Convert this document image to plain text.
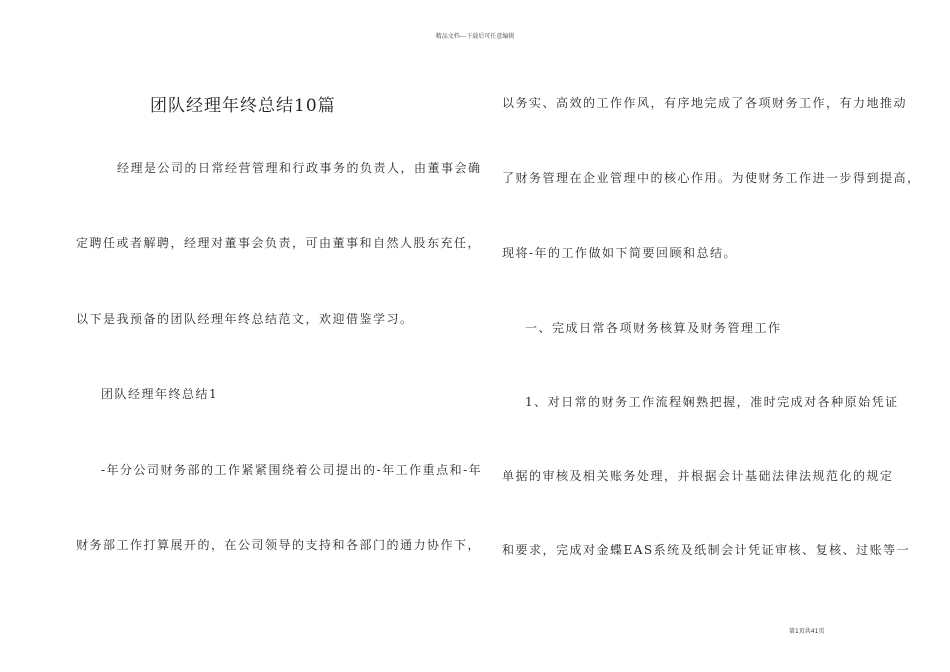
精品文档---下载后可任意编辑
团队经理年终总结10篇
经理是公司的日常经营管理和行政事务的负责人，由董事会确
定聘任或者解聘，经理对董事会负责，可由董事和自然人股东充任，
以下是我预备的团队经理年终总结范文，欢迎借鉴学习。
团队经理年终总结1
-年分公司财务部的工作紧紧围绕着公司提出的-年工作重点和-年
财务部工作打算展开的，在公司领导的支持和各部门的通力协作下，
以务实、高效的工作作风，有序地完成了各项财务工作，有力地推动
了财务管理在企业管理中的核心作用。为使财务工作进一步得到提高，
现将-年的工作做如下简要回顾和总结。
一、完成日常各项财务核算及财务管理工作
1、对日常的财务工作流程娴熟把握，准时完成对各种原始凭证
单据的审核及相关账务处理，并根据会计基础法律法规范化的规定
和要求，完成对金蝶EAS系统及纸制会计凭证审核、复核、过账等一
第1页共41页
